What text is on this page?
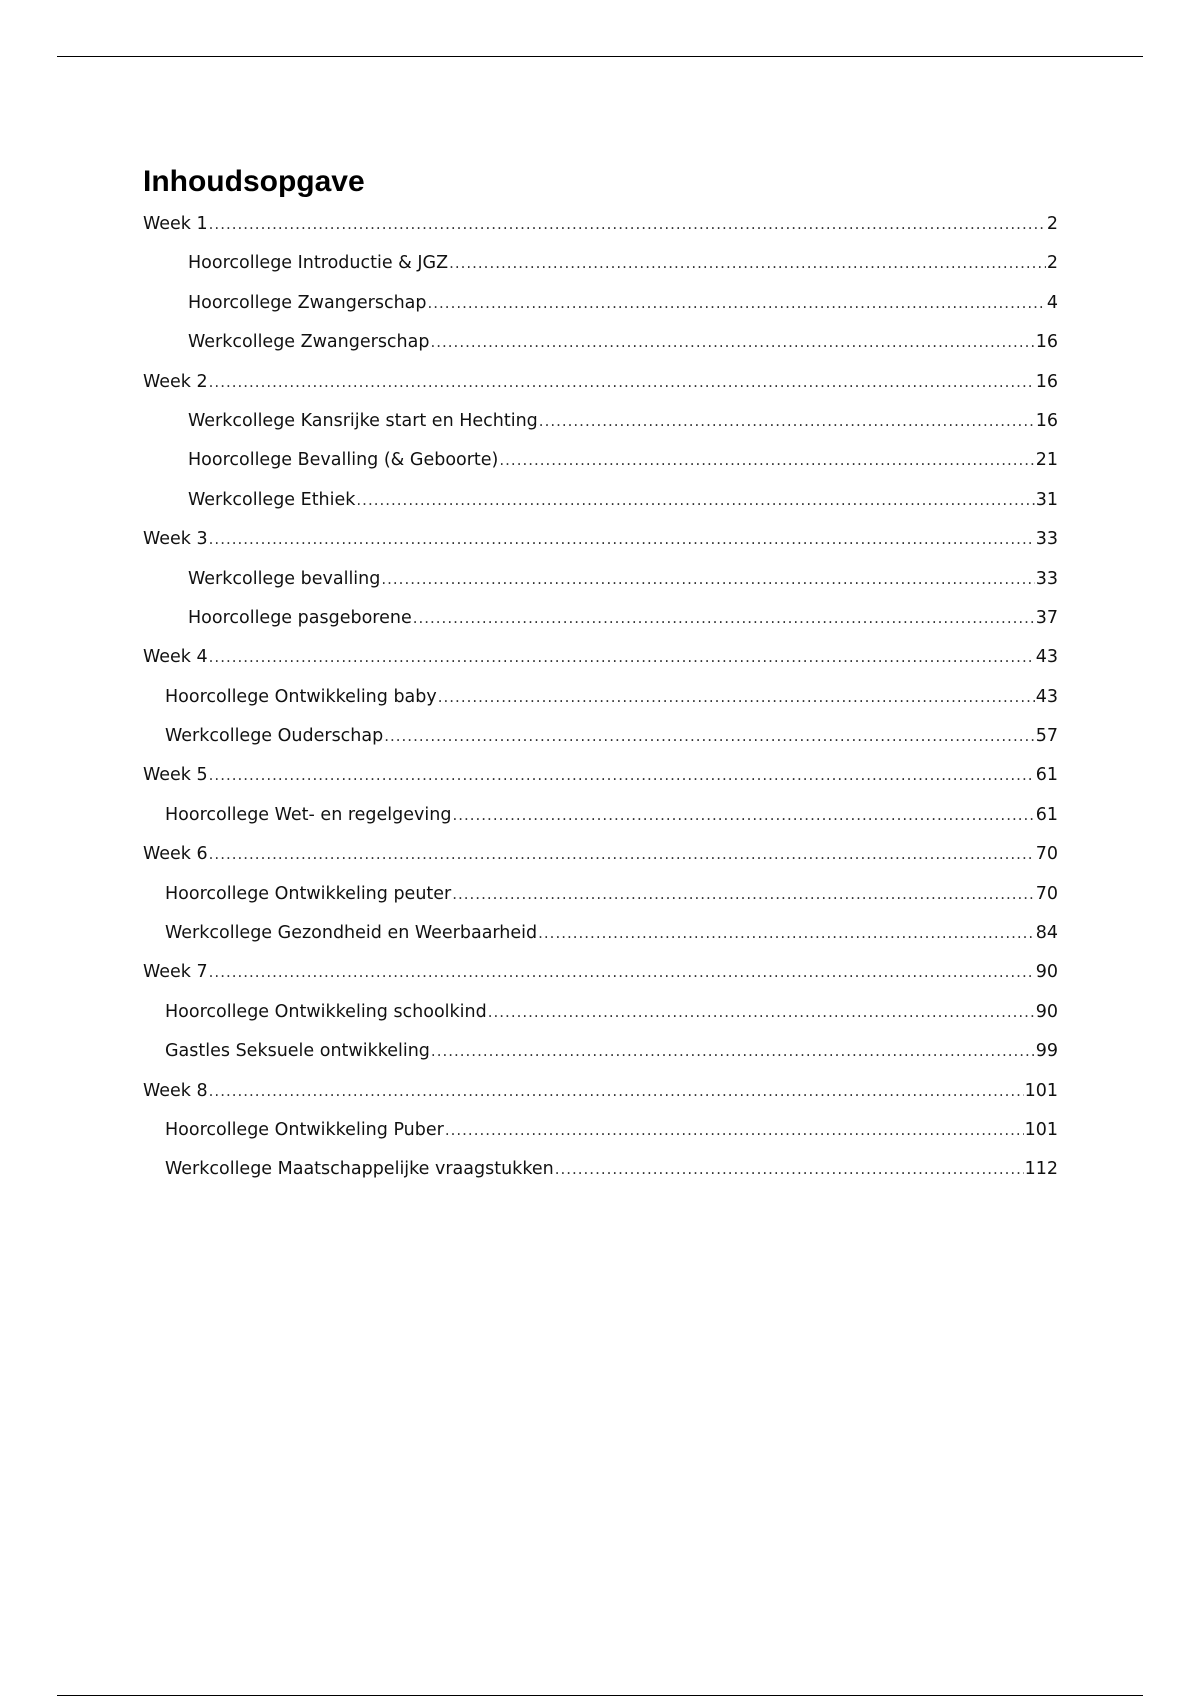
Inhoudsopgave
Week 1 .....	2
Hoorcollege Introductie & JGZ .....	2
Hoorcollege Zwangerschap .....	4
Werkcollege Zwangerschap .....	16
Week 2 .....	16
Werkcollege Kansrijke start en Hechting .....	16
Hoorcollege Bevalling (& Geboorte) .....	21
Werkcollege Ethiek .....	31
Week 3 .....	33
Werkcollege bevalling .....	33
Hoorcollege pasgeborene .....	37
Week 4 .....	43
Hoorcollege Ontwikkeling baby .....	43
Werkcollege Ouderschap .....	57
Week 5 .....	61
Hoorcollege Wet- en regelgeving .....	61
Week 6 .....	70
Hoorcollege Ontwikkeling peuter .....	70
Werkcollege Gezondheid en Weerbaarheid .....	84
Week 7 .....	90
Hoorcollege Ontwikkeling schoolkind .....	90
Gastles Seksuele ontwikkeling .....	99
Week 8 .....	101
Hoorcollege Ontwikkeling Puber .....	101
Werkcollege Maatschappelijke vraagstukken .....	112
